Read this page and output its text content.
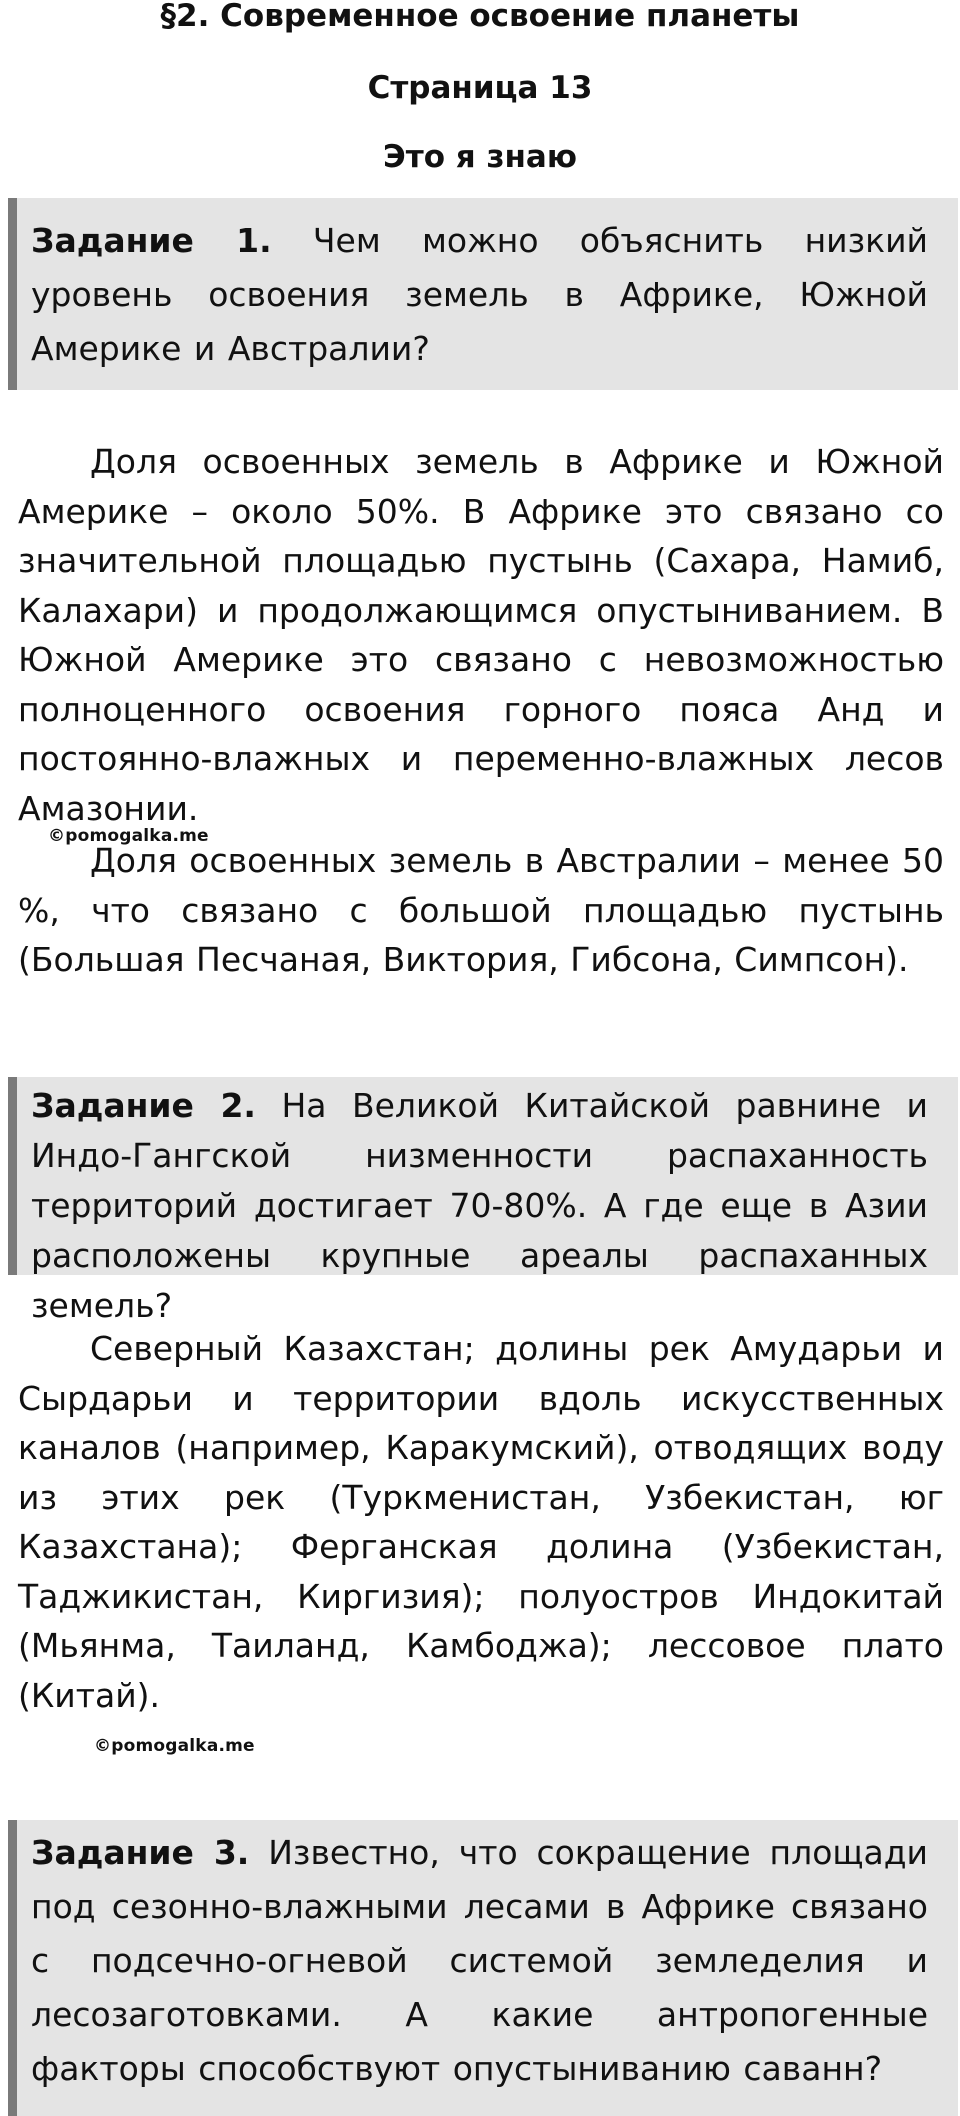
§2. Современное освоение планеты
Страница 13
Это я знаю

Задание 1. Чем можно объяснить низкий уровень освоения земель в Африке, Южной Америке и Австралии?

Доля освоенных земель в Африке и Южной Америке – около 50%. В Африке это связано со значительной площадью пустынь (Сахара, Намиб, Калахари) и продолжающимся опустыниванием. В Южной Америке это связано с невозможностью полноценного освоения горного пояса Анд и постоянно-влажных и переменно-влажных лесов Амазонии.

©pomogalka.me

Доля освоенных земель в Австралии – менее 50 %, что связано с большой площадью пустынь (Большая Песчаная, Виктория, Гибсона, Симпсон).

Задание 2. На Великой Китайской равнине и Индо-Гангской низменности распаханность территорий достигает 70-80%. А где еще в Азии расположены крупные ареалы распаханных земель?

Северный Казахстан; долины рек Амударьи и Сырдарьи и территории вдоль искусственных каналов (например, Каракумский), отводящих воду из этих рек (Туркменистан, Узбекистан, юг Казахстана); Ферганская долина (Узбекистан, Таджикистан, Киргизия); полуостров Индокитай (Мьянма, Таиланд, Камбоджа); лессовое плато (Китай).

©pomogalka.me

Задание 3. Известно, что сокращение площади под сезонно-влажными лесами в Африке связано с подсечно-огневой системой земледелия и лесозаготовками. А какие антропогенные факторы способствуют опустыниванию саванн?
